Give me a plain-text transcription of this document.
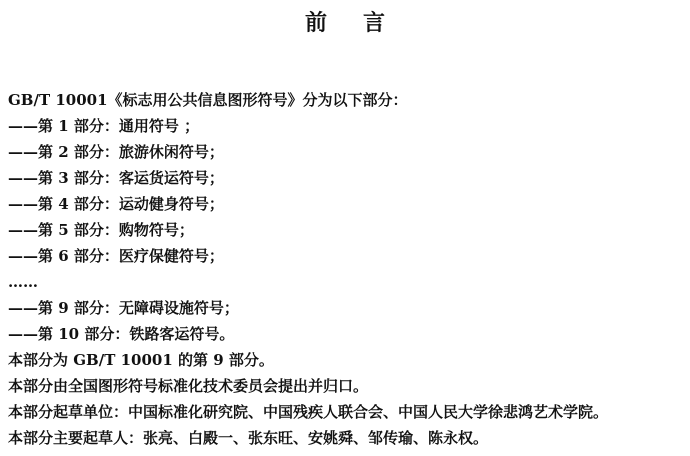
前言
GB/T 10001《标志用公共信息图形符号》分为以下部分：
——第 1 部分：通用符号 ；
——第 2 部分：旅游休闲符号；
——第 3 部分：客运货运符号；
——第 4 部分：运动健身符号；
——第 5 部分：购物符号；
——第 6 部分：医疗保健符号；
……
——第 9 部分：无障碍设施符号；
——第 10 部分：铁路客运符号。
本部分为 GB/T 10001 的第 9 部分。
本部分由全国图形符号标准化技术委员会提出并归口。
本部分起草单位：中国标准化研究院、中国残疾人联合会、中国人民大学徐悲鸿艺术学院。
本部分主要起草人：张亮、白殿一、张东旺、安姚舜、邹传瑜、陈永权。
